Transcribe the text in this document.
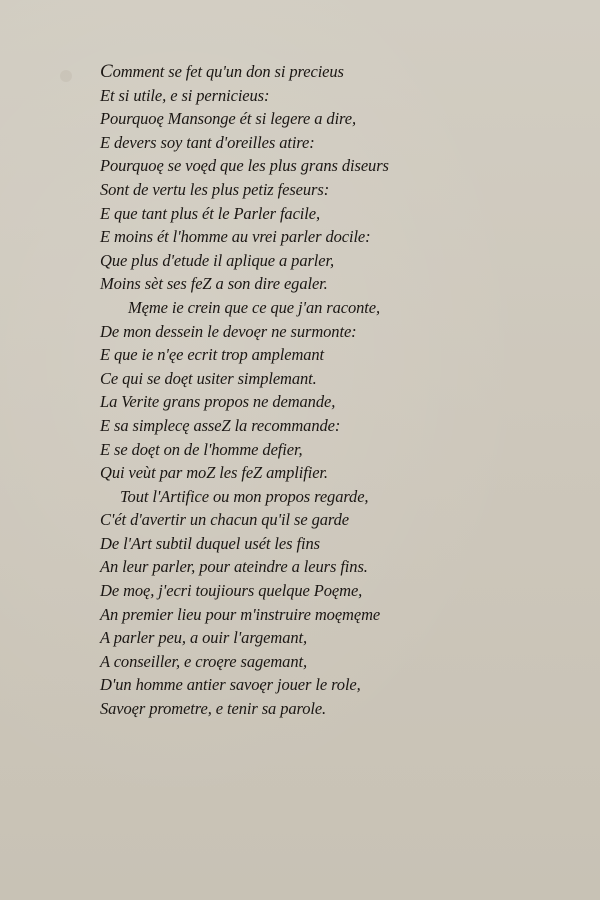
Comment se fet qu'un don si precieus
Et si utile, e si pernicieus:
Pourquoę Mansonge ét si legere a dire,
E devers soy tant d'oreilles atire:
Pourquoę se voęd que les plus grans diseurs
Sont de vertu les plus petiz feseurs:
E que tant plus ét le Parler facile,
E moins ét l'homme au vrei parler docile:
Que plus d'etude il aplique a parler,
Moins sèt ses feZ a son dire egaler.
Męme ie crein que ce que j'an raconte,
De mon dessein le devoęr ne surmonte:
E que ie n'ęe ecrit trop amplemant
Ce qui se doęt usiter simplemant.
La Verite grans propos ne demande,
E sa simplecę asseZ la recommande:
E se doęt on de l'homme defier,
Qui veùt par moZ les feZ amplifier.
Tout l'Artifice ou mon propos regarde,
C'ét d'avertir un chacun qu'il se garde
De l'Art subtil duquel usét les fins
An leur parler, pour ateindre a leurs fins.
De moę, j'ecri toujiours quelque Poęme,
An premier lieu pour m'instruire moęmęme
A parler peu, a ouir l'argemant,
A conseiller, e croęre sagemant,
D'un homme antier savoęr jouer le role,
Savoęr prometre, e tenir sa parole.
